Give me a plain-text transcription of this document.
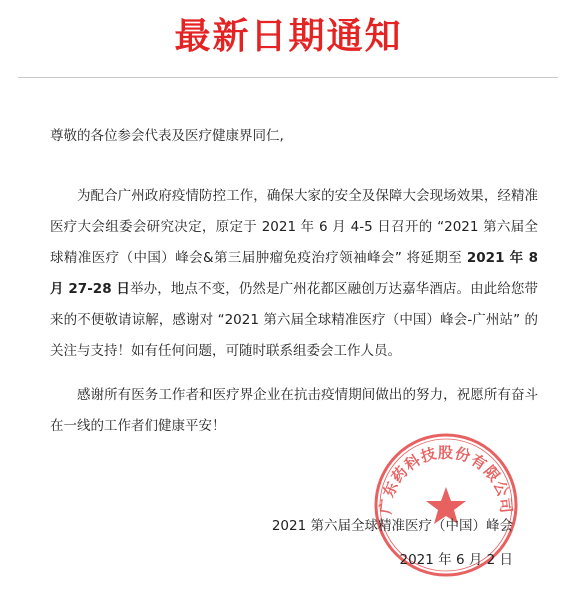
最新日期通知
尊敬的各位参会代表及医疗健康界同仁,
为配合广州政府疫情防控工作，确保大家的安全及保障大会现场效果，经精准医疗大会组委会研究决定，原定于 2021 年 6 月 4-5 日召开的 “2021 第六届全球精准医疗（中国）峰会&第三届肿瘤免疫治疗领袖峰会” 将延期至 2021 年 8 月 27-28 日举办，地点不变，仍然是广州花都区融创万达嘉华酒店。由此给您带来的不便敬请谅解，感谢对 “2021 第六届全球精准医疗（中国）峰会-广州站” 的关注与支持！如有任何问题，可随时联系组委会工作人员。
感谢所有医务工作者和医疗界企业在抗击疫情期间做出的努力，祝愿所有奋斗在一线的工作者们健康平安！
广东药科技股份有限公司
2021 第六届全球精准医疗（中国）峰会
2021 年 6 月 2 日
